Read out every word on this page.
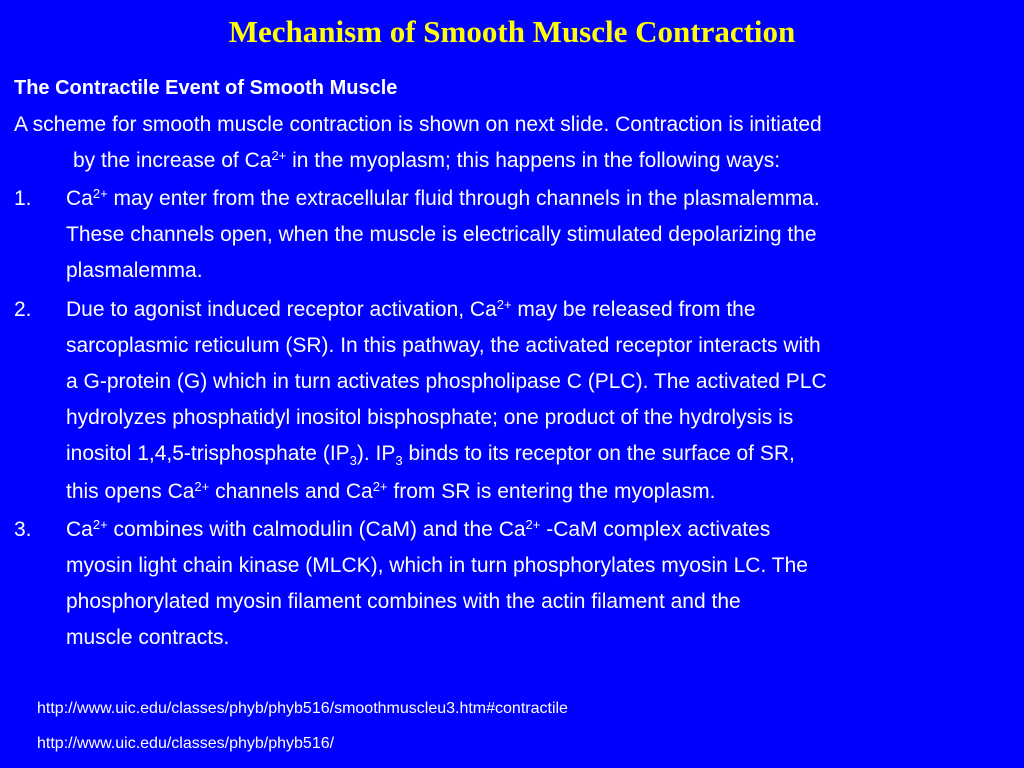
Mechanism of Smooth Muscle Contraction
The Contractile Event of Smooth Muscle
A scheme for smooth muscle contraction is shown on next slide. Contraction is initiated
by the increase of $Ca^{2+}$ in the myoplasm; this happens in the following ways:
1. $Ca^{2+}$ may enter from the extracellular fluid through channels in the plasmalemma.
These channels open, when the muscle is electrically stimulated depolarizing the
plasmalemma.
2. Due to agonist induced receptor activation, $Ca^{2+}$ may be released from the
sarcoplasmic reticulum (SR). In this pathway, the activated receptor interacts with
a G-protein (G) which in turn activates phospholipase C (PLC). The activated PLC
hydrolyzes phosphatidyl inositol bisphosphate; one product of the hydrolysis is
inositol 1,4,5-trisphosphate $(IP_3)$. $IP_3$ binds to its receptor on the surface of SR,
this opens $Ca^{2+}$ channels and $Ca^{2+}$ from SR is entering the myoplasm.
3. $Ca^{2+}$ combines with calmodulin (CaM) and the $Ca^{2+}$ -CaM complex activates
myosin light chain kinase (MLCK), which in turn phosphorylates myosin LC. The
phosphorylated myosin filament combines with the actin filament and the
muscle contracts.
http://www.uic.edu/classes/phyb/phyb516/smoothmuscleu3.htm#contractile
http://www.uic.edu/classes/phyb/phyb516/
